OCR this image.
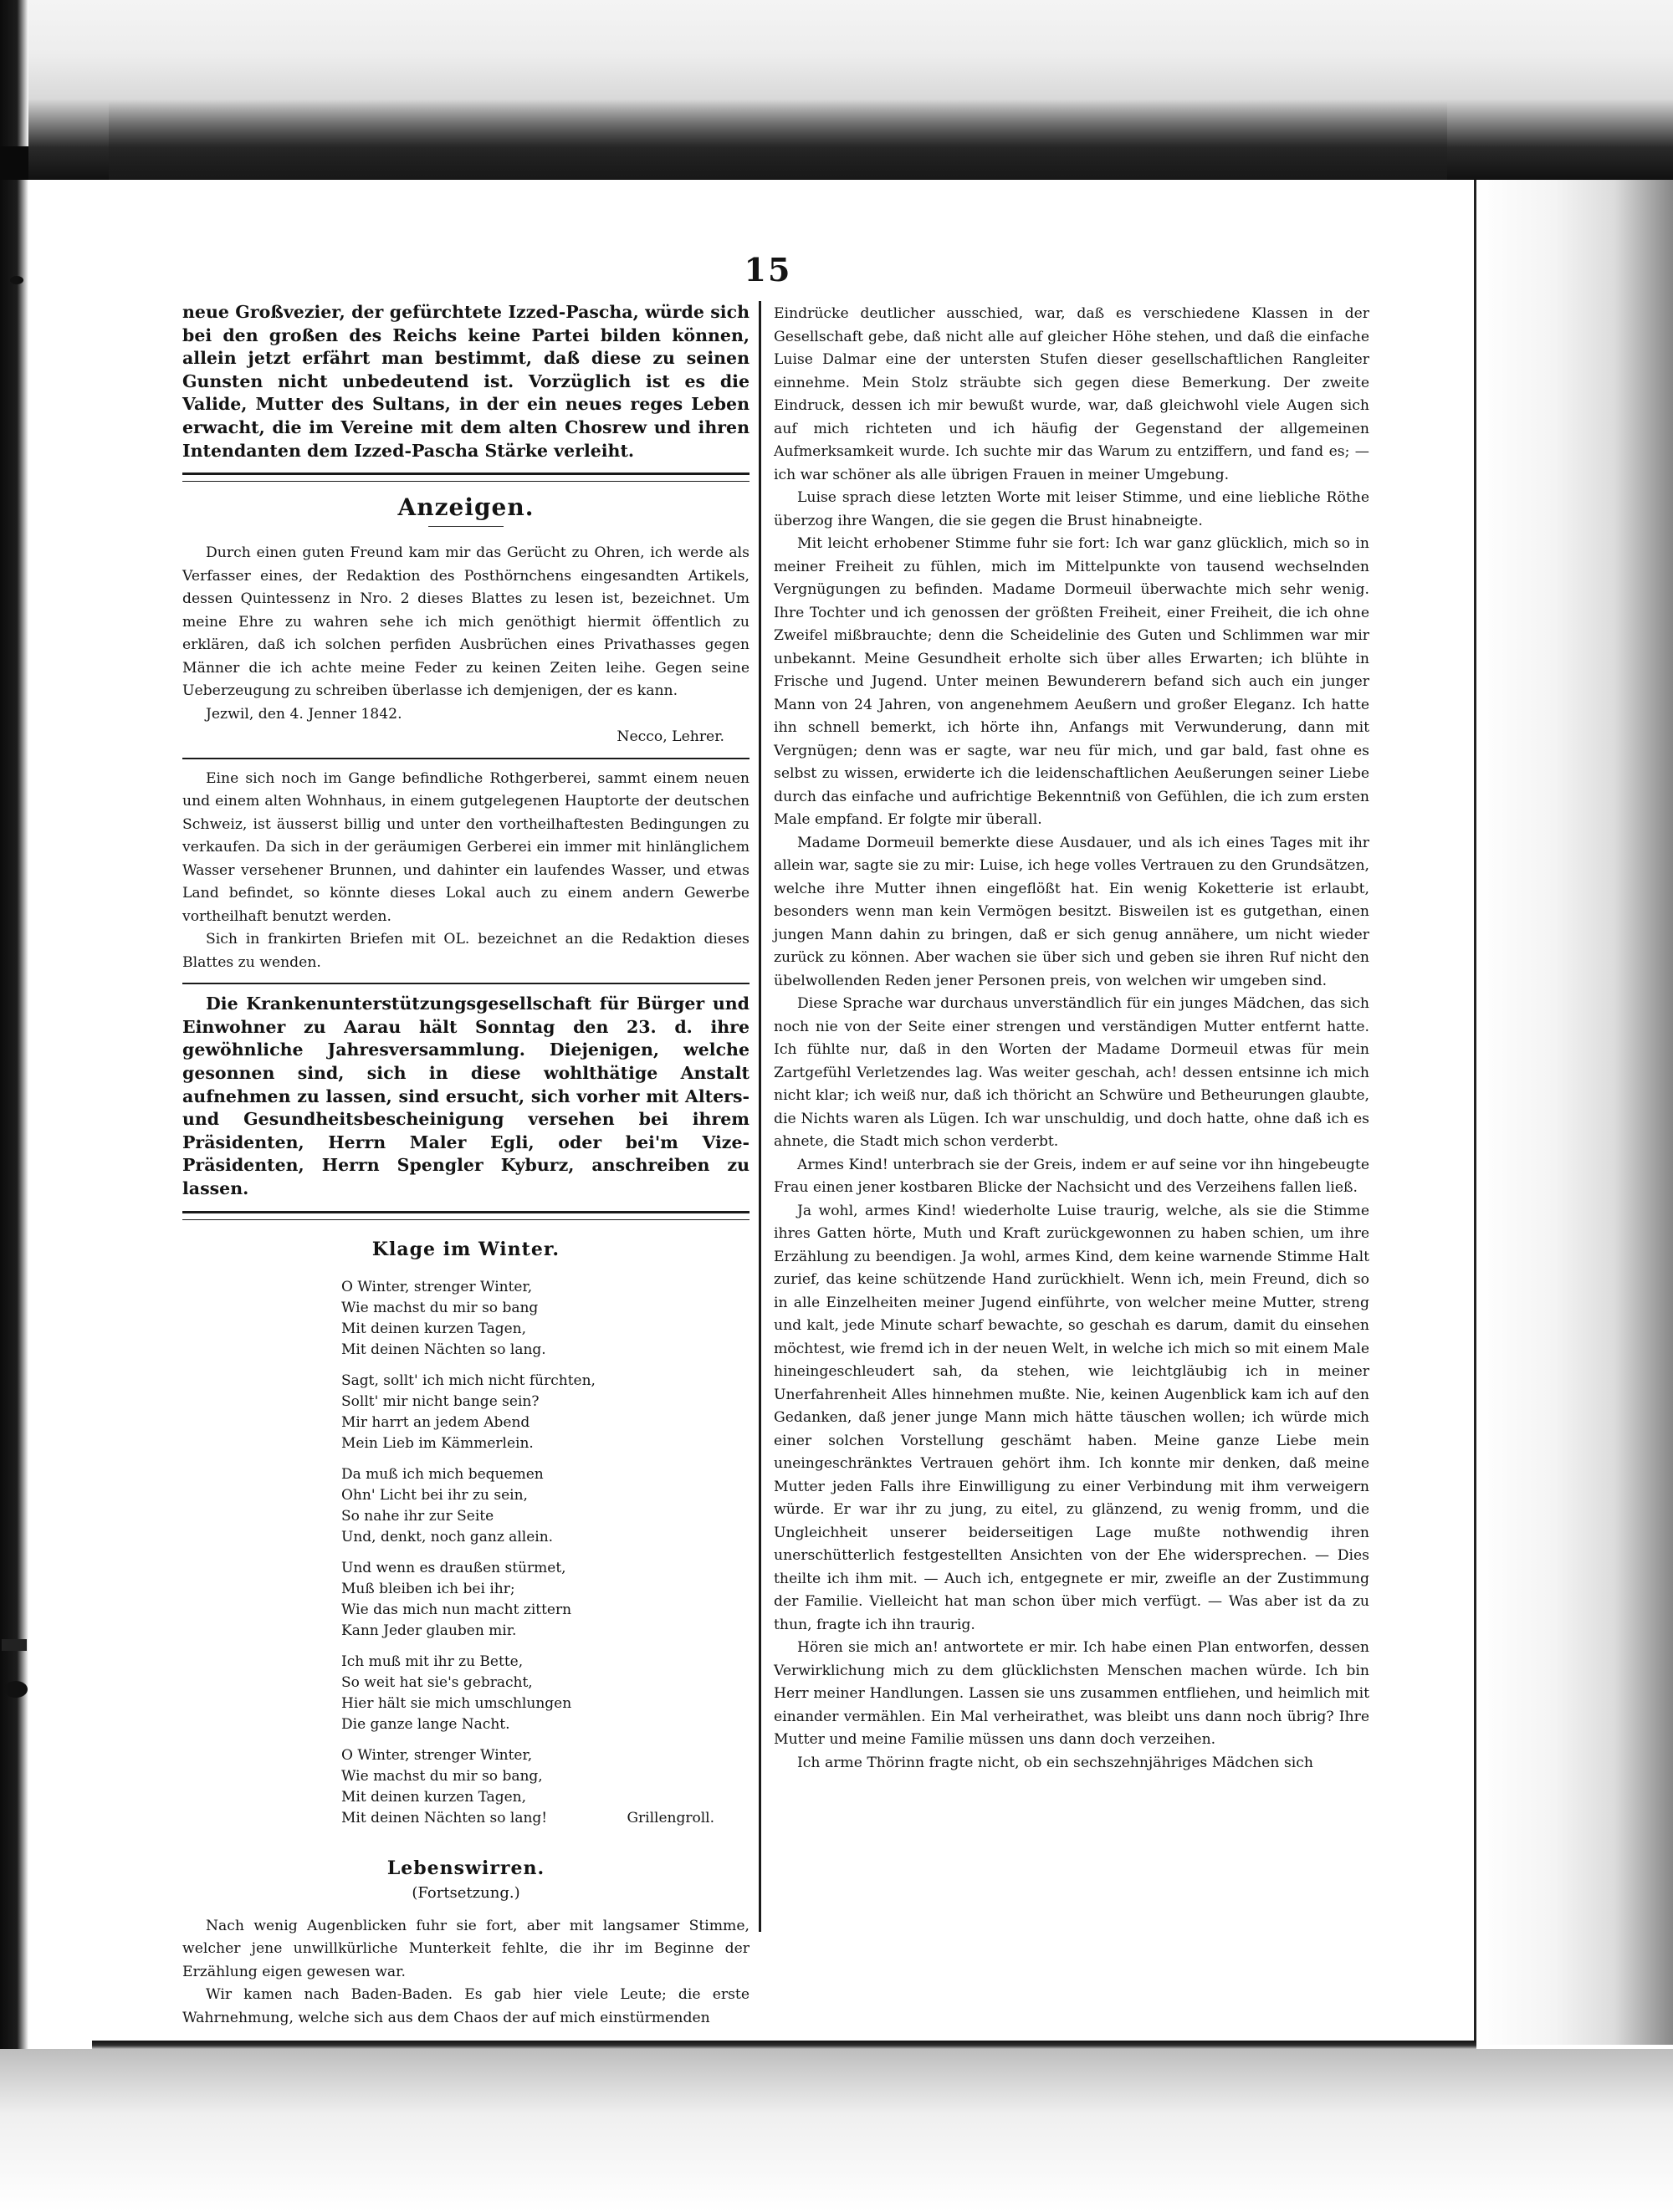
15

neue Großvezier, der gefürchtete Izzed-Pascha, würde sich bei den großen des Reichs keine Partei bilden können, allein jetzt erfährt man bestimmt, daß diese zu seinen Gunsten nicht unbedeutend ist. Vorzüglich ist es die Valide, Mutter des Sultans, in der ein neues reges Leben erwacht, die im Vereine mit dem alten Chosrew und ihren Intendanten dem Izzed-Pascha Stärke verleiht.

Anzeigen.

Durch einen guten Freund kam mir das Gerücht zu Ohren, ich werde als Verfasser eines, der Redaktion des Posthörnchens eingesandten Artikels, dessen Quintessenz in Nro. 2 dieses Blattes zu lesen ist, bezeichnet. Um meine Ehre zu wahren sehe ich mich genöthigt hiermit öffentlich zu erklären, daß ich solchen perfiden Ausbrüchen eines Privathasses gegen Männer die ich achte meine Feder zu keinen Zeiten leihe. Gegen seine Ueberzeugung zu schreiben überlasse ich demjenigen, der es kann.

Jezwil, den 4. Jenner 1842.
Necco, Lehrer.

Eine sich noch im Gange befindliche Rothgerberei, sammt einem neuen und einem alten Wohnhaus, in einem gutgelegenen Hauptorte der deutschen Schweiz, ist äusserst billig und unter den vortheilhaftesten Bedingungen zu verkaufen. Da sich in der geräumigen Gerberei ein immer mit hinlänglichem Wasser versehener Brunnen, und dahinter ein laufendes Wasser, und etwas Land befindet, so könnte dieses Lokal auch zu einem andern Gewerbe vortheilhaft benutzt werden.

Sich in frankirten Briefen mit OL. bezeichnet an die Redaktion dieses Blattes zu wenden.

Die Krankenunterstützungsgesellschaft für Bürger und Einwohner zu Aarau hält Sonntag den 23. d. ihre gewöhnliche Jahresversammlung. Diejenigen, welche gesonnen sind, sich in diese wohlthätige Anstalt aufnehmen zu lassen, sind ersucht, sich vorher mit Alters- und Gesundheitsbescheinigung versehen bei ihrem Präsidenten, Herrn Maler Egli, oder bei'm Vize-Präsidenten, Herrn Spengler Kyburz, anschreiben zu lassen.

Klage im Winter.
O Winter, strenger Winter,
Wie machst du mir so bang
Mit deinen kurzen Tagen,
Mit deinen Nächten so lang.
Sagt, sollt' ich mich nicht fürchten,
Sollt' mir nicht bange sein?
Mir harrt an jedem Abend
Mein Lieb im Kämmerlein.
Da muß ich mich bequemen
Ohn' Licht bei ihr zu sein,
So nahe ihr zur Seite
Und, denkt, noch ganz allein.
Und wenn es draußen stürmet,
Muß bleiben ich bei ihr;
Wie das mich nun macht zittern
Kann Jeder glauben mir.
Ich muß mit ihr zu Bette,
So weit hat sie's gebracht,
Hier hält sie mich umschlungen
Die ganze lange Nacht.
O Winter, strenger Winter,
Wie machst du mir so bang,
Mit deinen kurzen Tagen,
Mit deinen Nächten so lang!	Grillengroll.
Lebenswirren.
(Fortsetzung.)

Nach wenig Augenblicken fuhr sie fort, aber mit langsamer Stimme, welcher jene unwillkürliche Munterkeit fehlte, die ihr im Beginne der Erzählung eigen gewesen war.

Wir kamen nach Baden-Baden. Es gab hier viele Leute; die erste Wahrnehmung, welche sich aus dem Chaos der auf mich einstürmenden

Eindrücke deutlicher ausschied, war, daß es verschiedene Klassen in der Gesellschaft gebe, daß nicht alle auf gleicher Höhe stehen, und daß die einfache Luise Dalmar eine der untersten Stufen dieser gesellschaftlichen Rangleiter einnehme. Mein Stolz sträubte sich gegen diese Bemerkung. Der zweite Eindruck, dessen ich mir bewußt wurde, war, daß gleichwohl viele Augen sich auf mich richteten und ich häufig der Gegenstand der allgemeinen Aufmerksamkeit wurde. Ich suchte mir das Warum zu entziffern, und fand es; — ich war schöner als alle übrigen Frauen in meiner Umgebung.

Luise sprach diese letzten Worte mit leiser Stimme, und eine liebliche Röthe überzog ihre Wangen, die sie gegen die Brust hinabneigte.

Mit leicht erhobener Stimme fuhr sie fort: Ich war ganz glücklich, mich so in meiner Freiheit zu fühlen, mich im Mittelpunkte von tausend wechselnden Vergnügungen zu befinden. Madame Dormeuil überwachte mich sehr wenig. Ihre Tochter und ich genossen der größten Freiheit, einer Freiheit, die ich ohne Zweifel mißbrauchte; denn die Scheidelinie des Guten und Schlimmen war mir unbekannt. Meine Gesundheit erholte sich über alles Erwarten; ich blühte in Frische und Jugend. Unter meinen Bewunderern befand sich auch ein junger Mann von 24 Jahren, von angenehmem Aeußern und großer Eleganz. Ich hatte ihn schnell bemerkt, ich hörte ihn, Anfangs mit Verwunderung, dann mit Vergnügen; denn was er sagte, war neu für mich, und gar bald, fast ohne es selbst zu wissen, erwiderte ich die leidenschaftlichen Aeußerungen seiner Liebe durch das einfache und aufrichtige Bekenntniß von Gefühlen, die ich zum ersten Male empfand. Er folgte mir überall.

Madame Dormeuil bemerkte diese Ausdauer, und als ich eines Tages mit ihr allein war, sagte sie zu mir: Luise, ich hege volles Vertrauen zu den Grundsätzen, welche ihre Mutter ihnen eingeflößt hat. Ein wenig Koketterie ist erlaubt, besonders wenn man kein Vermögen besitzt. Bisweilen ist es gutgethan, einen jungen Mann dahin zu bringen, daß er sich genug annähere, um nicht wieder zurück zu können. Aber wachen sie über sich und geben sie ihren Ruf nicht den übelwollenden Reden jener Personen preis, von welchen wir umgeben sind.

Diese Sprache war durchaus unverständlich für ein junges Mädchen, das sich noch nie von der Seite einer strengen und verständigen Mutter entfernt hatte. Ich fühlte nur, daß in den Worten der Madame Dormeuil etwas für mein Zartgefühl Verletzendes lag. Was weiter geschah, ach! dessen entsinne ich mich nicht klar; ich weiß nur, daß ich thöricht an Schwüre und Betheurungen glaubte, die Nichts waren als Lügen. Ich war unschuldig, und doch hatte, ohne daß ich es ahnete, die Stadt mich schon verderbt.

Armes Kind! unterbrach sie der Greis, indem er auf seine vor ihn hingebeugte Frau einen jener kostbaren Blicke der Nachsicht und des Verzeihens fallen ließ.

Ja wohl, armes Kind! wiederholte Luise traurig, welche, als sie die Stimme ihres Gatten hörte, Muth und Kraft zurückgewonnen zu haben schien, um ihre Erzählung zu beendigen. Ja wohl, armes Kind, dem keine warnende Stimme Halt zurief, das keine schützende Hand zurückhielt. Wenn ich, mein Freund, dich so in alle Einzelheiten meiner Jugend einführte, von welcher meine Mutter, streng und kalt, jede Minute scharf bewachte, so geschah es darum, damit du einsehen möchtest, wie fremd ich in der neuen Welt, in welche ich mich so mit einem Male hineingeschleudert sah, da stehen, wie leichtgläubig ich in meiner Unerfahrenheit Alles hinnehmen mußte. Nie, keinen Augenblick kam ich auf den Gedanken, daß jener junge Mann mich hätte täuschen wollen; ich würde mich einer solchen Vorstellung geschämt haben. Meine ganze Liebe mein uneingeschränktes Vertrauen gehört ihm. Ich konnte mir denken, daß meine Mutter jeden Falls ihre Einwilligung zu einer Verbindung mit ihm verweigern würde. Er war ihr zu jung, zu eitel, zu glänzend, zu wenig fromm, und die Ungleichheit unserer beiderseitigen Lage mußte nothwendig ihren unerschütterlich festgestellten Ansichten von der Ehe widersprechen. — Dies theilte ich ihm mit. — Auch ich, entgegnete er mir, zweifle an der Zustimmung der Familie. Vielleicht hat man schon über mich verfügt. — Was aber ist da zu thun, fragte ich ihn traurig.

Hören sie mich an! antwortete er mir. Ich habe einen Plan entworfen, dessen Verwirklichung mich zu dem glücklichsten Menschen machen würde. Ich bin Herr meiner Handlungen. Lassen sie uns zusammen entfliehen, und heimlich mit einander vermählen. Ein Mal verheirathet, was bleibt uns dann noch übrig? Ihre Mutter und meine Familie müssen uns dann doch verzeihen.

Ich arme Thörinn fragte nicht, ob ein sechszehnjähriges Mädchen sich
